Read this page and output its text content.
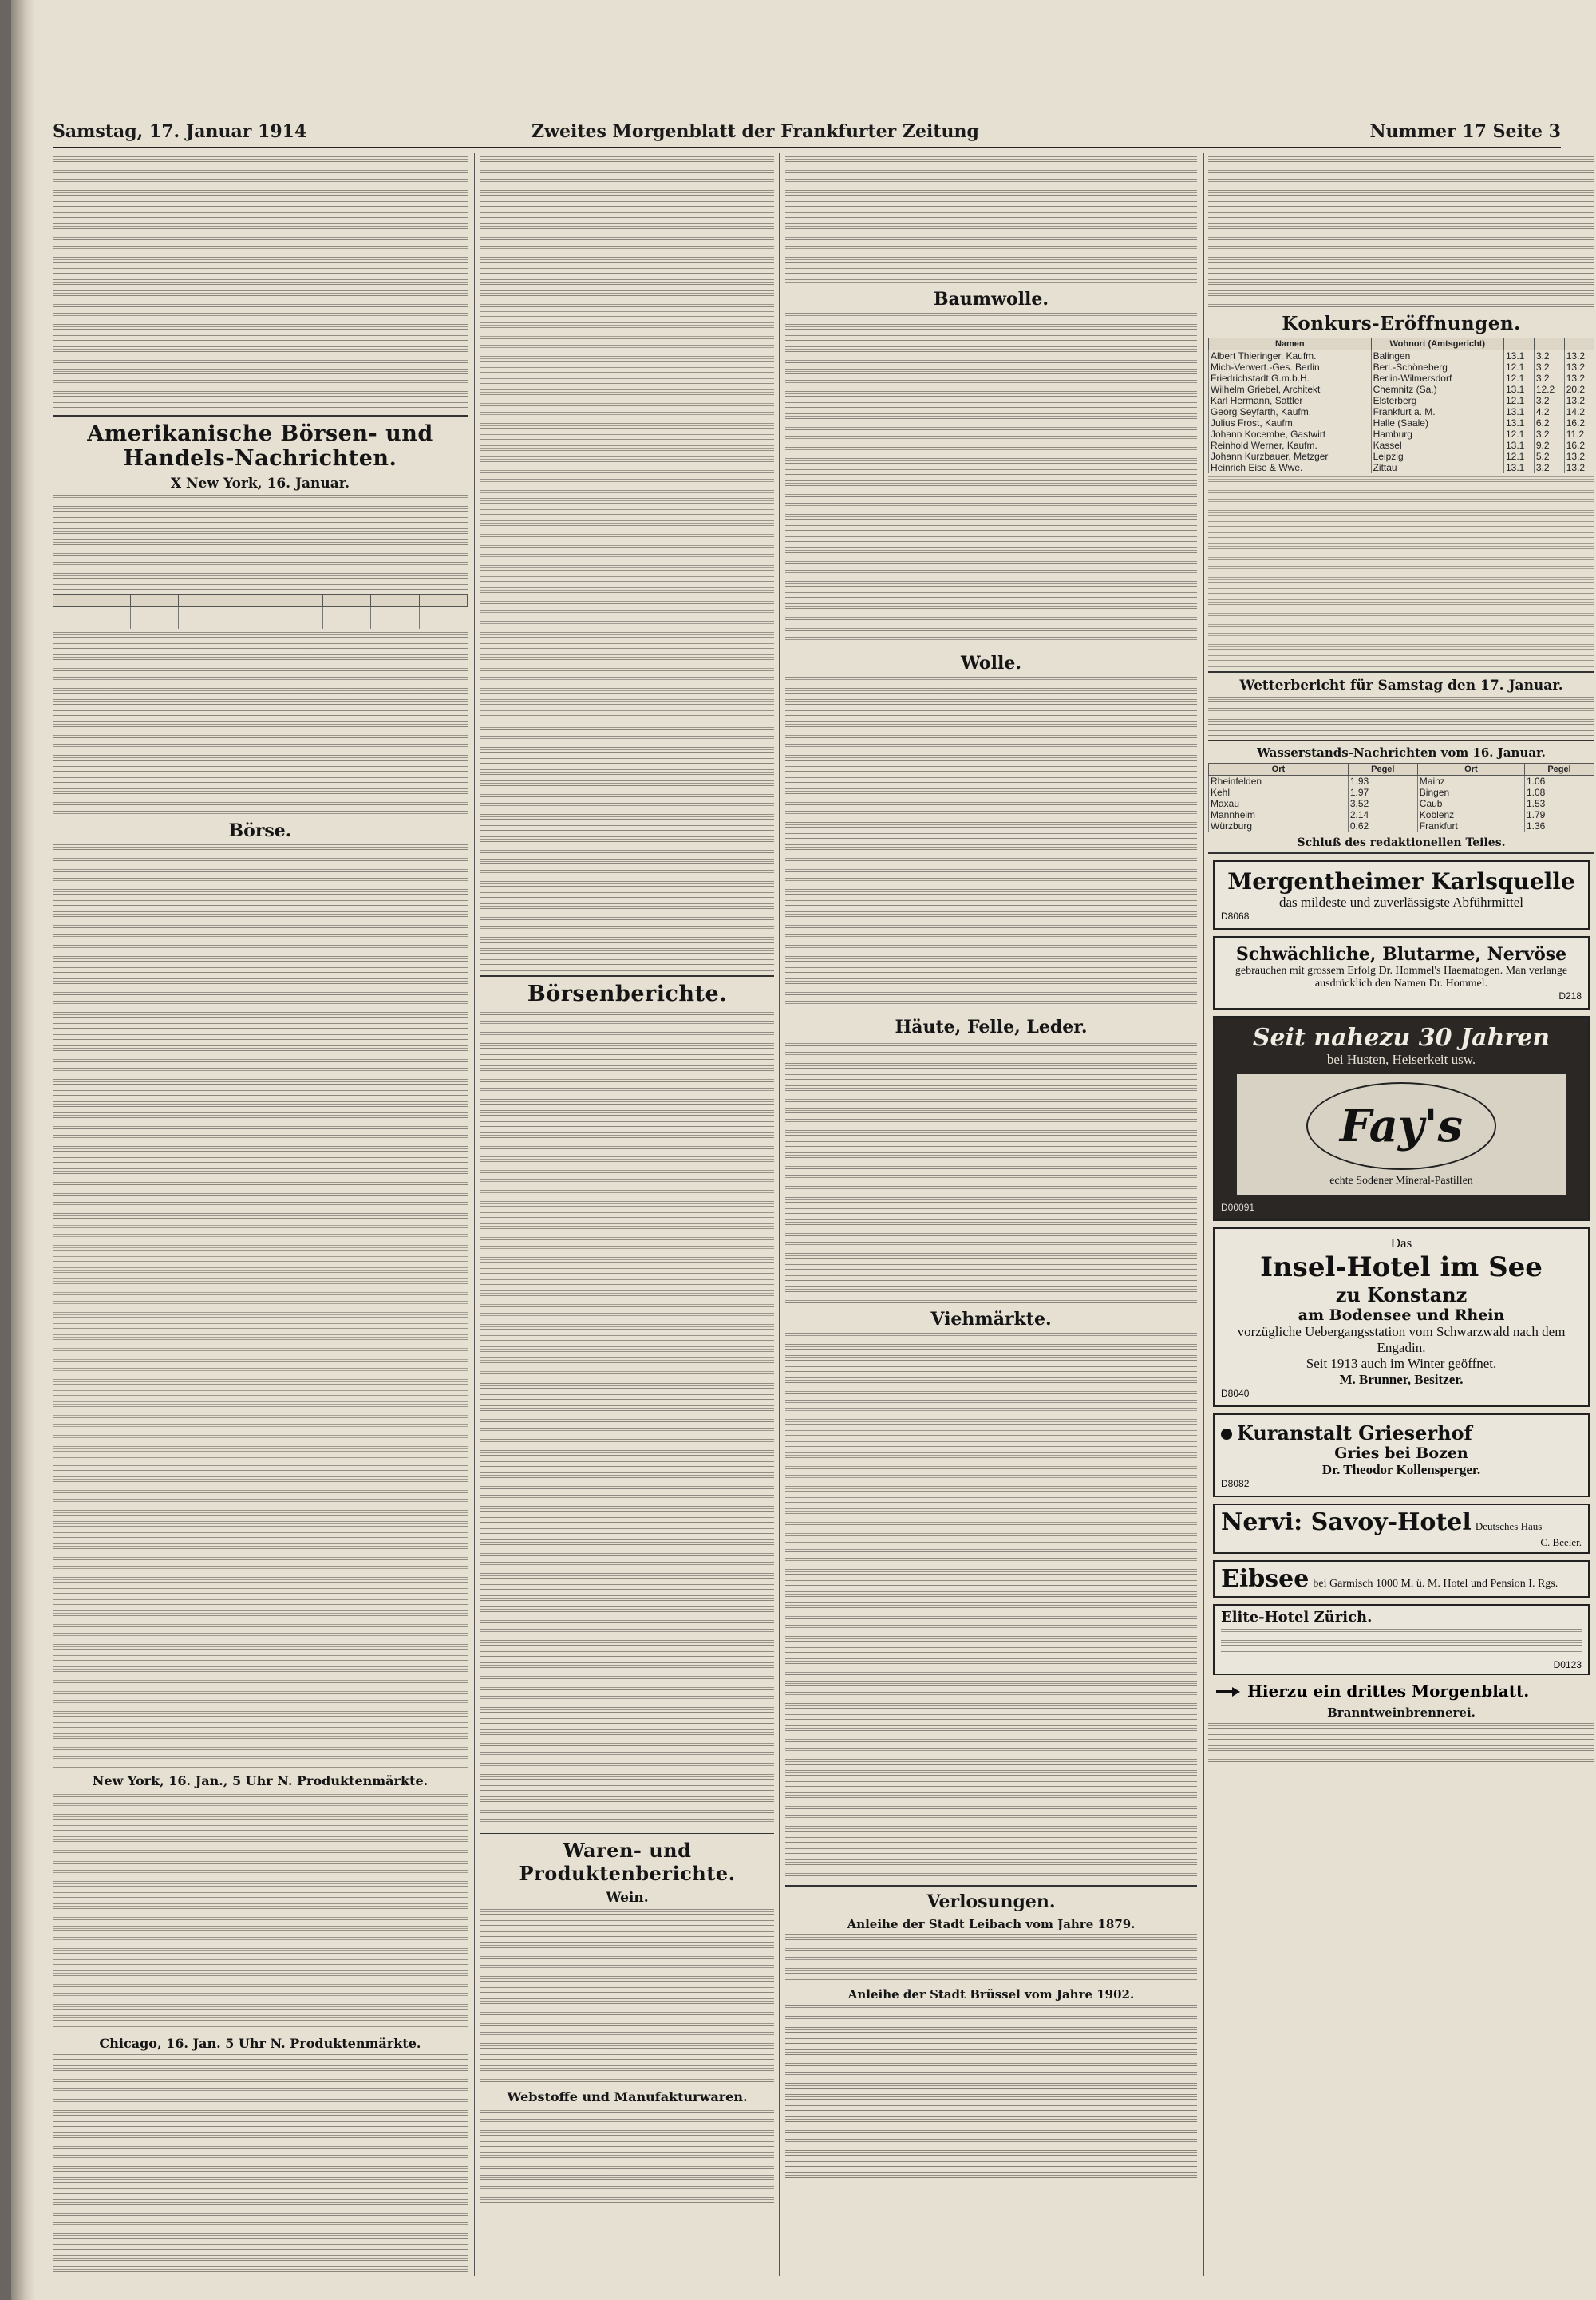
Samstag, 17. Januar 1914	Zweites Morgenblatt der Frankfurter Zeitung	Nummer 17 Seite 3
Amerikanische Börsen- und Handels-Nachrichten.
X New York, 16. Januar.

Börse.
New York, 16. Jan., 5 Uhr N. Produktenmärkte.
Chicago, 16. Jan. 5 Uhr N. Produktenmärkte.
Börsenberichte.
Waren- und Produktenberichte.
Wein.
Webstoffe und Manufakturwaren.
Baumwolle.
Wolle.
Häute, Felle, Leder.
Viehmärkte.
Verlosungen.
Anleihe der Stadt Leibach vom Jahre 1879.
Anleihe der Stadt Brüssel vom Jahre 1902.
Konkurs-Eröffnungen.
Namen	Wohnort (Amtsgericht)			
Albert Thieringer, Kaufm.	Balingen	13.1	3.2	13.2
Mich-Verwert.-Ges. Berlin	Berl.-Schöneberg	12.1	3.2	13.2
Friedrichstadt G.m.b.H.	Berlin-Wilmersdorf	12.1	3.2	13.2
Wilhelm Griebel, Architekt	Chemnitz (Sa.)	13.1	12.2	20.2
Karl Hermann, Sattler	Elsterberg	12.1	3.2	13.2
Georg Seyfarth, Kaufm.	Frankfurt a. M.	13.1	4.2	14.2
Julius Frost, Kaufm.	Halle (Saale)	13.1	6.2	16.2
Johann Kocembe, Gastwirt	Hamburg	12.1	3.2	11.2
Reinhold Werner, Kaufm.	Kassel	13.1	9.2	16.2
Johann Kurzbauer, Metzger	Leipzig	12.1	5.2	13.2
Heinrich Eise & Wwe.	Zittau	13.1	3.2	13.2
Wetterbericht für Samstag den 17. Januar.
Wasserstands-Nachrichten vom 16. Januar.
Ort	Pegel	Ort	Pegel
Rheinfelden	1.93	Mainz	1.06
Kehl	1.97	Bingen	1.08
Maxau	3.52	Caub	1.53
Mannheim	2.14	Koblenz	1.79
Würzburg	0.62	Frankfurt	1.36
Schluß des redaktionellen Teiles.
Mergentheimer Karlsquelle
das mildeste und zuverlässigste Abführmittel
D8068
Schwächliche, Blutarme, Nervöse
gebrauchen mit grossem Erfolg Dr. Hommel's Haematogen. Man verlange ausdrücklich den Namen Dr. Hommel.
D218
Seit nahezu 30 Jahren
bei Husten, Heiserkeit usw.
Fay's
echte Sodener Mineral-Pastillen
D00091
Das
Insel-Hotel im See
zu Konstanz
am Bodensee und Rhein
vorzügliche Uebergangsstation vom Schwarzwald nach dem Engadin.
Seit 1913 auch im Winter geöffnet.
M. Brunner, Besitzer.
D8040
Kuranstalt Grieserhof
Gries bei Bozen
Dr. Theodor Kollensperger.
D8082
Nervi: Savoy-Hotel Deutsches Haus
C. Beeler.
Eibsee bei Garmisch 1000 M. ü. M. Hotel und Pension I. Rgs.
Elite-Hotel Zürich.
D0123
Hierzu ein drittes Morgenblatt.
Branntweinbrennerei.
